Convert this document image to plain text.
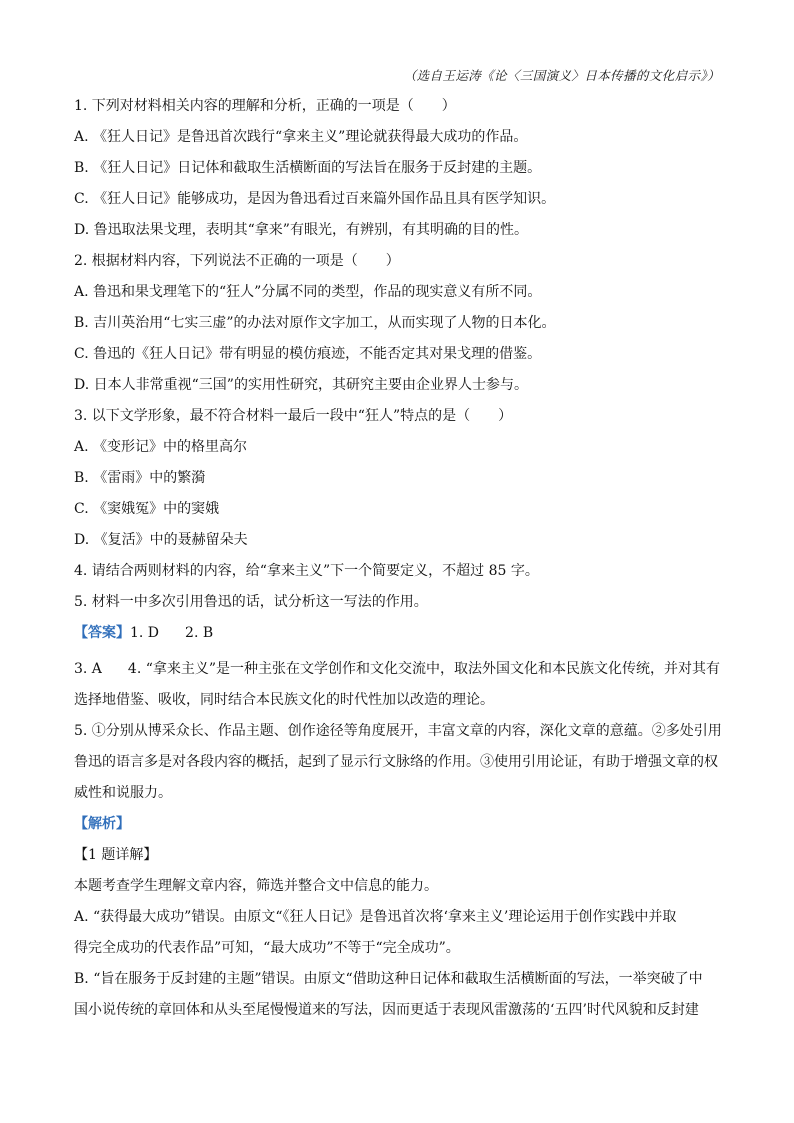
（选自王运涛《论〈三国演义〉日本传播的文化启示》）
1. 下列对材料相关内容的理解和分析，正确的一项是（　　）
A. 《狂人日记》是鲁迅首次践行“拿来主义”理论就获得最大成功的作品。
B. 《狂人日记》日记体和截取生活横断面的写法旨在服务于反封建的主题。
C. 《狂人日记》能够成功，是因为鲁迅看过百来篇外国作品且具有医学知识。
D. 鲁迅取法果戈理，表明其“拿来”有眼光，有辨别，有其明确的目的性。
2. 根据材料内容，下列说法不正确的一项是（　　）
A. 鲁迅和果戈理笔下的“狂人”分属不同的类型，作品的现实意义有所不同。
B. 吉川英治用“七实三虚”的办法对原作文字加工，从而实现了人物的日本化。
C. 鲁迅的《狂人日记》带有明显的模仿痕迹，不能否定其对果戈理的借鉴。
D. 日本人非常重视“三国”的实用性研究，其研究主要由企业界人士参与。
3. 以下文学形象，最不符合材料一最后一段中“狂人”特点的是（　　）
A. 《变形记》中的格里高尔
B. 《雷雨》中的繁漪
C. 《窦娥冤》中的窦娥
D. 《复活》中的聂赫留朵夫
4. 请结合两则材料的内容，给“拿来主义”下一个简要定义，不超过 85 字。
5. 材料一中多次引用鲁迅的话，试分析这一写法的作用。
【答案】1. D 2. B
3. A 4. “拿来主义”是一种主张在文学创作和文化交流中，取法外国文化和本民族文化传统，并对其有
选择地借鉴、吸收，同时结合本民族文化的时代性加以改造的理论。
5. ①分别从博采众长、作品主题、创作途径等角度展开，丰富文章的内容，深化文章的意蕴。②多处引用
鲁迅的语言多是对各段内容的概括，起到了显示行文脉络的作用。③使用引用论证，有助于增强文章的权
威性和说服力。
【解析】
【1 题详解】
本题考查学生理解文章内容，筛选并整合文中信息的能力。
A. “获得最大成功”错误。由原文“《狂人日记》是鲁迅首次将‘拿来主义’理论运用于创作实践中并取
得完全成功的代表作品”可知，“最大成功”不等于“完全成功”。
B. “旨在服务于反封建的主题”错误。由原文“借助这种日记体和截取生活横断面的写法，一举突破了中
国小说传统的章回体和从头至尾慢慢道来的写法，因而更适于表现风雷激荡的‘五四’时代风貌和反封建
